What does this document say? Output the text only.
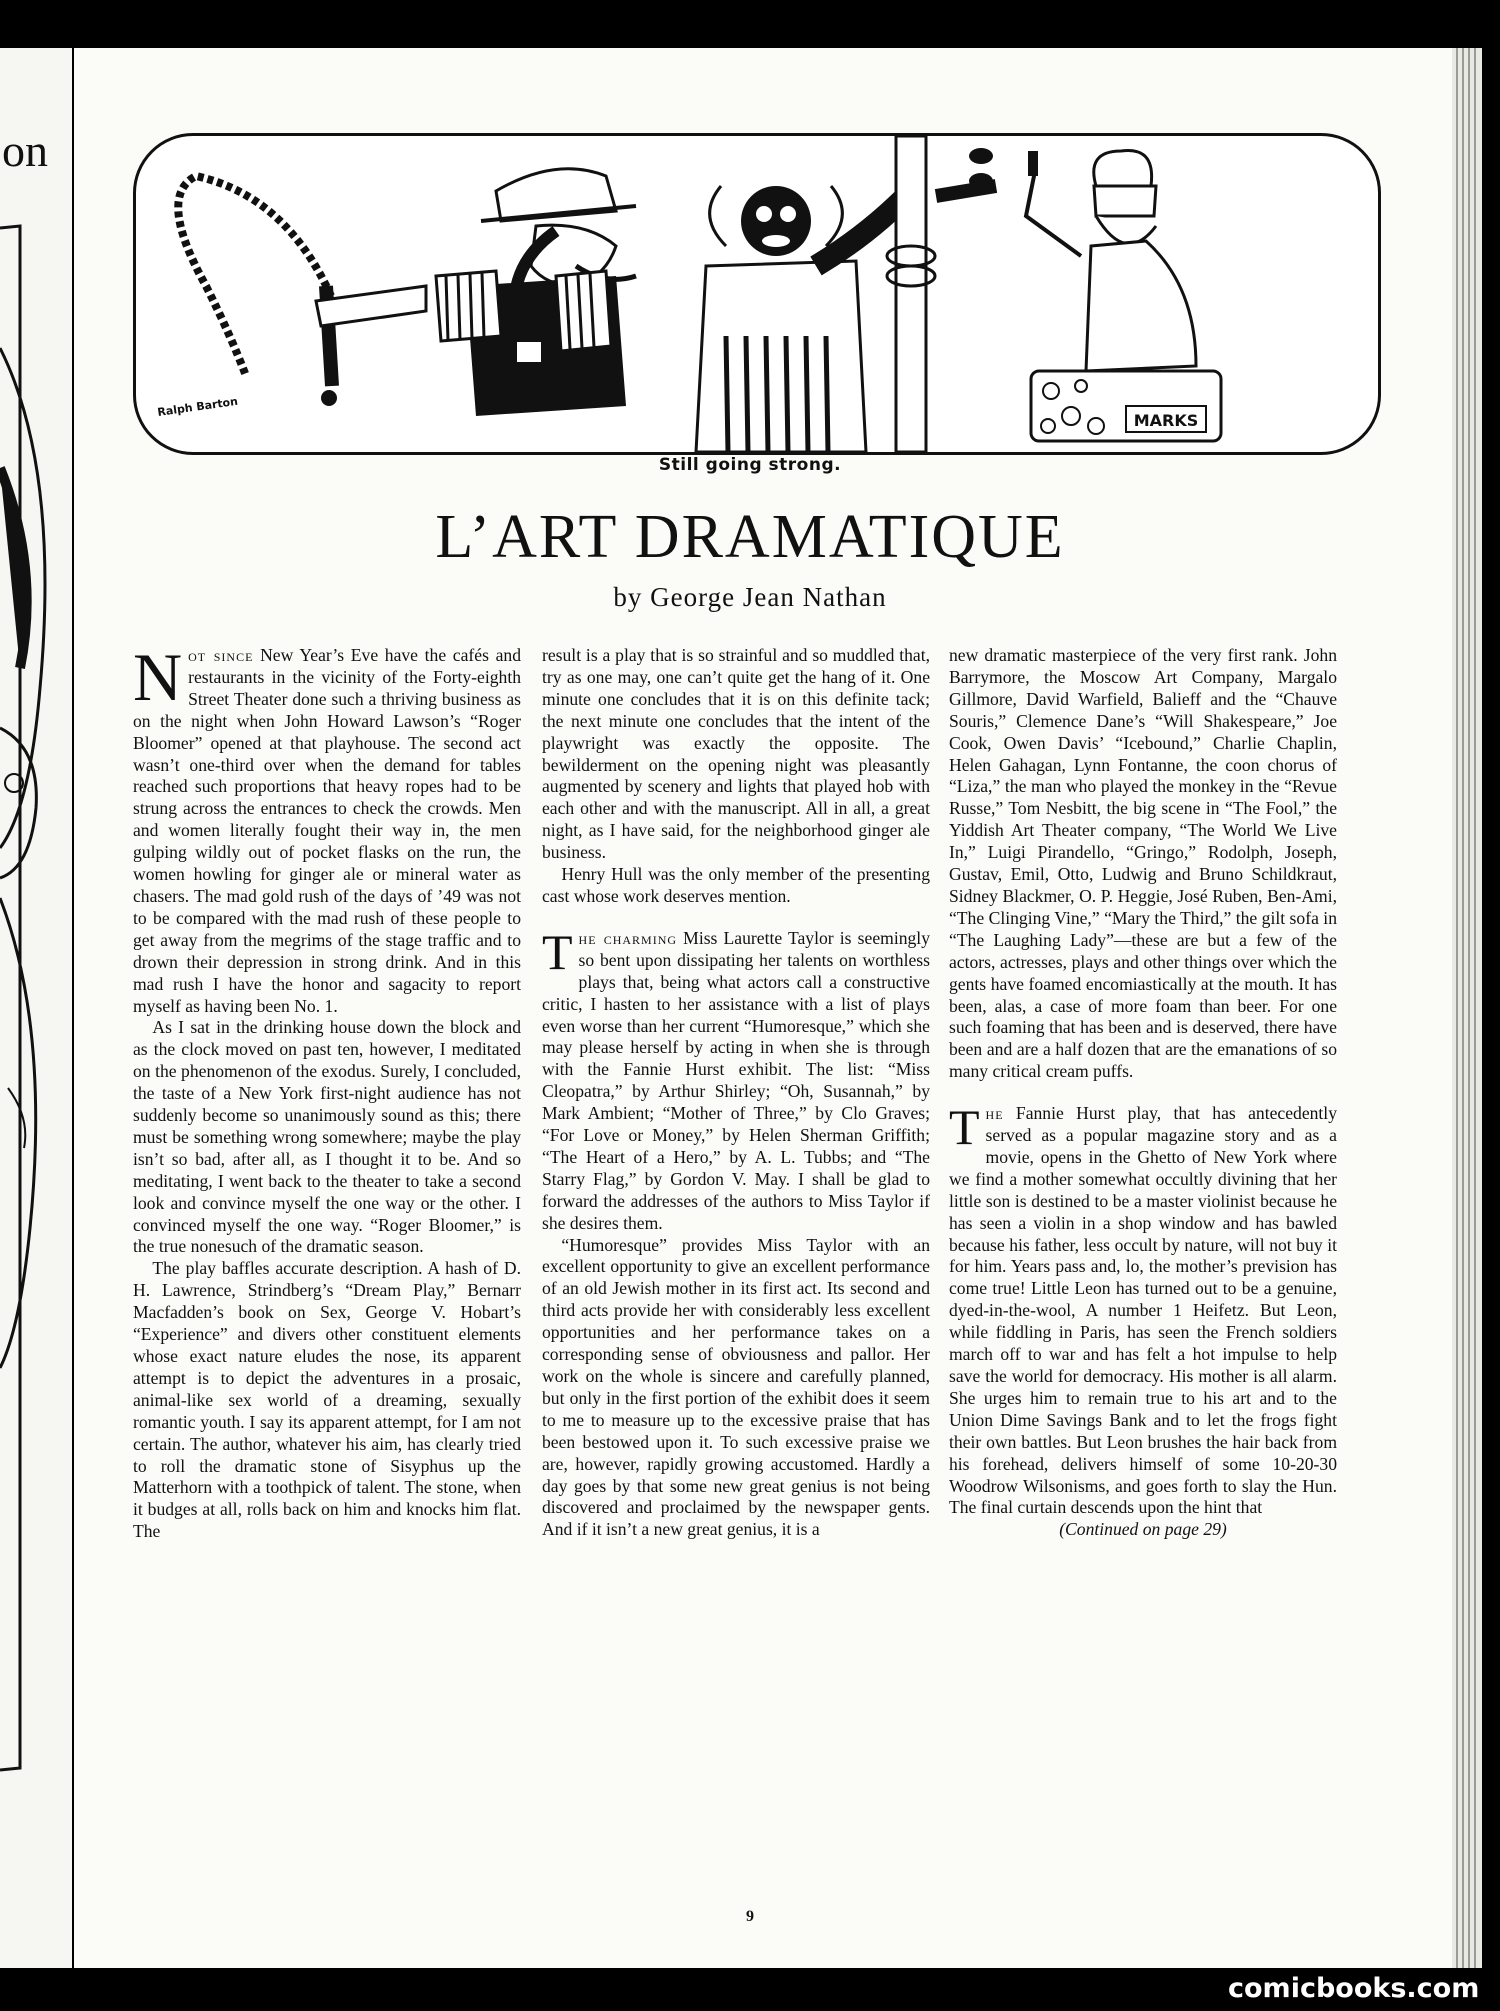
on
MARKS
Ralph Barton
Still going strong.
L’ART DRAMATIQUE
by George Jean Nathan

Not since New Year’s Eve have the cafés and restaurants in the vicinity of the Forty-eighth Street Theater done such a thriving business as on the night when John Howard Lawson’s “Roger Bloomer” opened at that playhouse. The second act wasn’t one-third over when the demand for tables reached such proportions that heavy ropes had to be strung across the entrances to check the crowds. Men and women literally fought their way in, the men gulping wildly out of pocket flasks on the run, the women howling for ginger ale or mineral water as chasers. The mad gold rush of the days of ’49 was not to be compared with the mad rush of these people to get away from the megrims of the stage traffic and to drown their depression in strong drink. And in this mad rush I have the honor and sagacity to report myself as having been No. 1.

As I sat in the drinking house down the block and as the clock moved on past ten, however, I meditated on the phenomenon of the exodus. Surely, I concluded, the taste of a New York first-night audience has not suddenly become so unanimously sound as this; there must be something wrong somewhere; maybe the play isn’t so bad, after all, as I thought it to be. And so meditating, I went back to the theater to take a second look and convince myself the one way or the other. I convinced myself the one way. “Roger Bloomer,” is the true nonesuch of the dramatic season.

The play baffles accurate description. A hash of D. H. Lawrence, Strindberg’s “Dream Play,” Bernarr Macfadden’s book on Sex, George V. Hobart’s “Experience” and divers other constituent elements whose exact nature eludes the nose, its apparent attempt is to depict the adventures in a prosaic, animal-like sex world of a dreaming, sexually romantic youth. I say its apparent attempt, for I am not certain. The author, whatever his aim, has clearly tried to roll the dramatic stone of Sisyphus up the Matterhorn with a toothpick of talent. The stone, when it budges at all, rolls back on him and knocks him flat. The

result is a play that is so strainful and so muddled that, try as one may, one can’t quite get the hang of it. One minute one concludes that it is on this definite tack; the next minute one concludes that the intent of the playwright was exactly the opposite. The bewilderment on the opening night was pleasantly augmented by scenery and lights that played hob with each other and with the manuscript. All in all, a great night, as I have said, for the neighborhood ginger ale business.

Henry Hull was the only member of the presenting cast whose work deserves mention.

The charming Miss Laurette Taylor is seemingly so bent upon dissipating her talents on worthless plays that, being what actors call a constructive critic, I hasten to her assistance with a list of plays even worse than her current “Humoresque,” which she may please herself by acting in when she is through with the Fannie Hurst exhibit. The list: “Miss Cleopatra,” by Arthur Shirley; “Oh, Susannah,” by Mark Ambient; “Mother of Three,” by Clo Graves; “For Love or Money,” by Helen Sherman Griffith; “The Heart of a Hero,” by A. L. Tubbs; and “The Starry Flag,” by Gordon V. May. I shall be glad to forward the addresses of the authors to Miss Taylor if she desires them.

“Humoresque” provides Miss Taylor with an excellent opportunity to give an excellent performance of an old Jewish mother in its first act. Its second and third acts provide her with considerably less excellent opportunities and her performance takes on a corresponding sense of obviousness and pallor. Her work on the whole is sincere and carefully planned, but only in the first portion of the exhibit does it seem to me to measure up to the excessive praise that has been bestowed upon it. To such excessive praise we are, however, rapidly growing accustomed. Hardly a day goes by that some new great genius is not being discovered and proclaimed by the newspaper gents. And if it isn’t a new great genius, it is a

new dramatic masterpiece of the very first rank. John Barrymore, the Moscow Art Company, Margalo Gillmore, David Warfield, Balieff and the “Chauve Souris,” Clemence Dane’s “Will Shakespeare,” Joe Cook, Owen Davis’ “Icebound,” Charlie Chaplin, Helen Gahagan, Lynn Fontanne, the coon chorus of “Liza,” the man who played the monkey in the “Revue Russe,” Tom Nesbitt, the big scene in “The Fool,” the Yiddish Art Theater company, “The World We Live In,” Luigi Pirandello, “Gringo,” Rodolph, Joseph, Gustav, Emil, Otto, Ludwig and Bruno Schildkraut, Sidney Blackmer, O. P. Heggie, José Ruben, Ben-Ami, “The Clinging Vine,” “Mary the Third,” the gilt sofa in “The Laughing Lady”—these are but a few of the actors, actresses, plays and other things over which the gents have foamed encomiastically at the mouth. It has been, alas, a case of more foam than beer. For one such foaming that has been and is deserved, there have been and are a half dozen that are the emanations of so many critical cream puffs.

The Fannie Hurst play, that has antecedently served as a popular magazine story and as a movie, opens in the Ghetto of New York where we find a mother somewhat occultly divining that her little son is destined to be a master violinist because he has seen a violin in a shop window and has bawled because his father, less occult by nature, will not buy it for him. Years pass and, lo, the mother’s prevision has come true! Little Leon has turned out to be a genuine, dyed-in-the-wool, A number 1 Heifetz. But Leon, while fiddling in Paris, has seen the French soldiers march off to war and has felt a hot impulse to help save the world for democracy. His mother is all alarm. She urges him to remain true to his art and to the Union Dime Savings Bank and to let the frogs fight their own battles. But Leon brushes the hair back from his forehead, delivers himself of some 10-20-30 Woodrow Wilsonisms, and goes forth to slay the Hun. The final curtain descends upon the hint that

(Continued on page 29)

9
comicbooks.com
